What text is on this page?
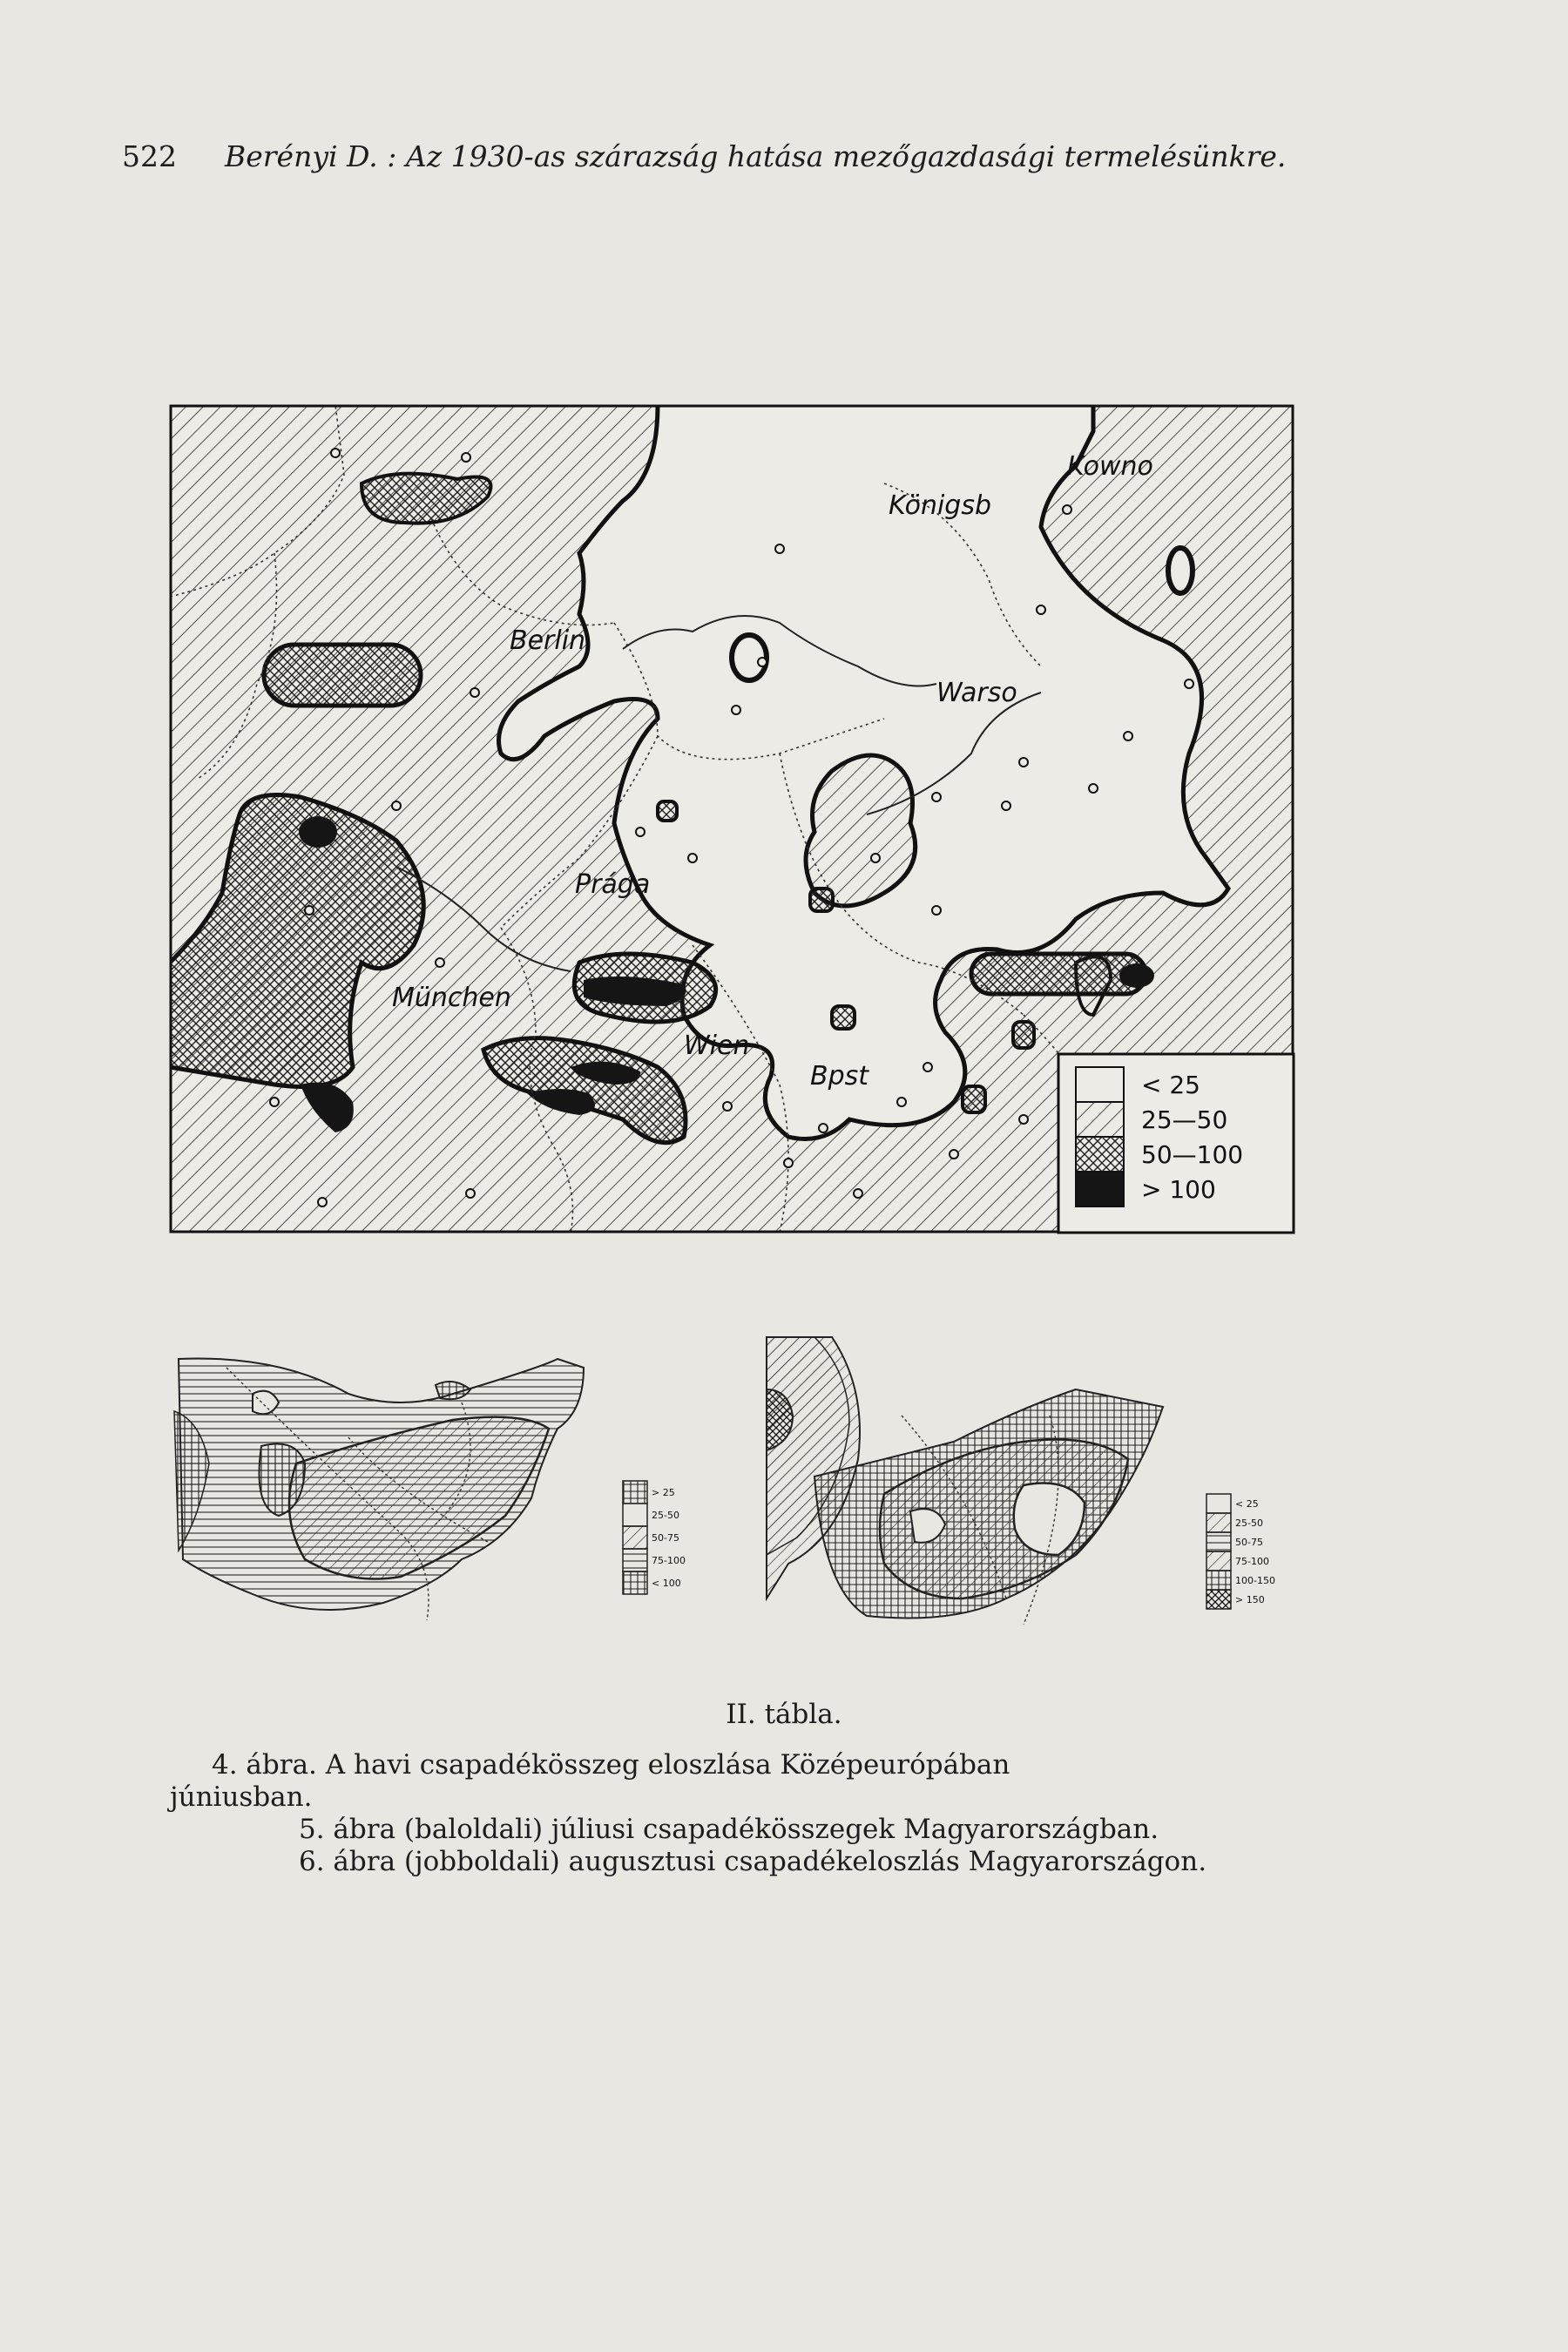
522 Berényi D. : Az 1930-as szárazság hatása mezőgazdasági termelésünkre.
Kowno
Königsb
Berlin
Warso
Prága
München
Wien
Bpst	< 25
25—50
50—100
> 100
> 25
25-50
50-75
75-100
< 100
< 25
25-50
50-75
75-100
100-150
> 150
II. tábla.
4. ábra. A havi csapadékösszeg eloszlása Középeurópában
júniusban.
5. ábra (baloldali) júliusi csapadékösszegek Magyarországban.
6. ábra (jobboldali) augusztusi csapadékeloszlás Magyarországon.
